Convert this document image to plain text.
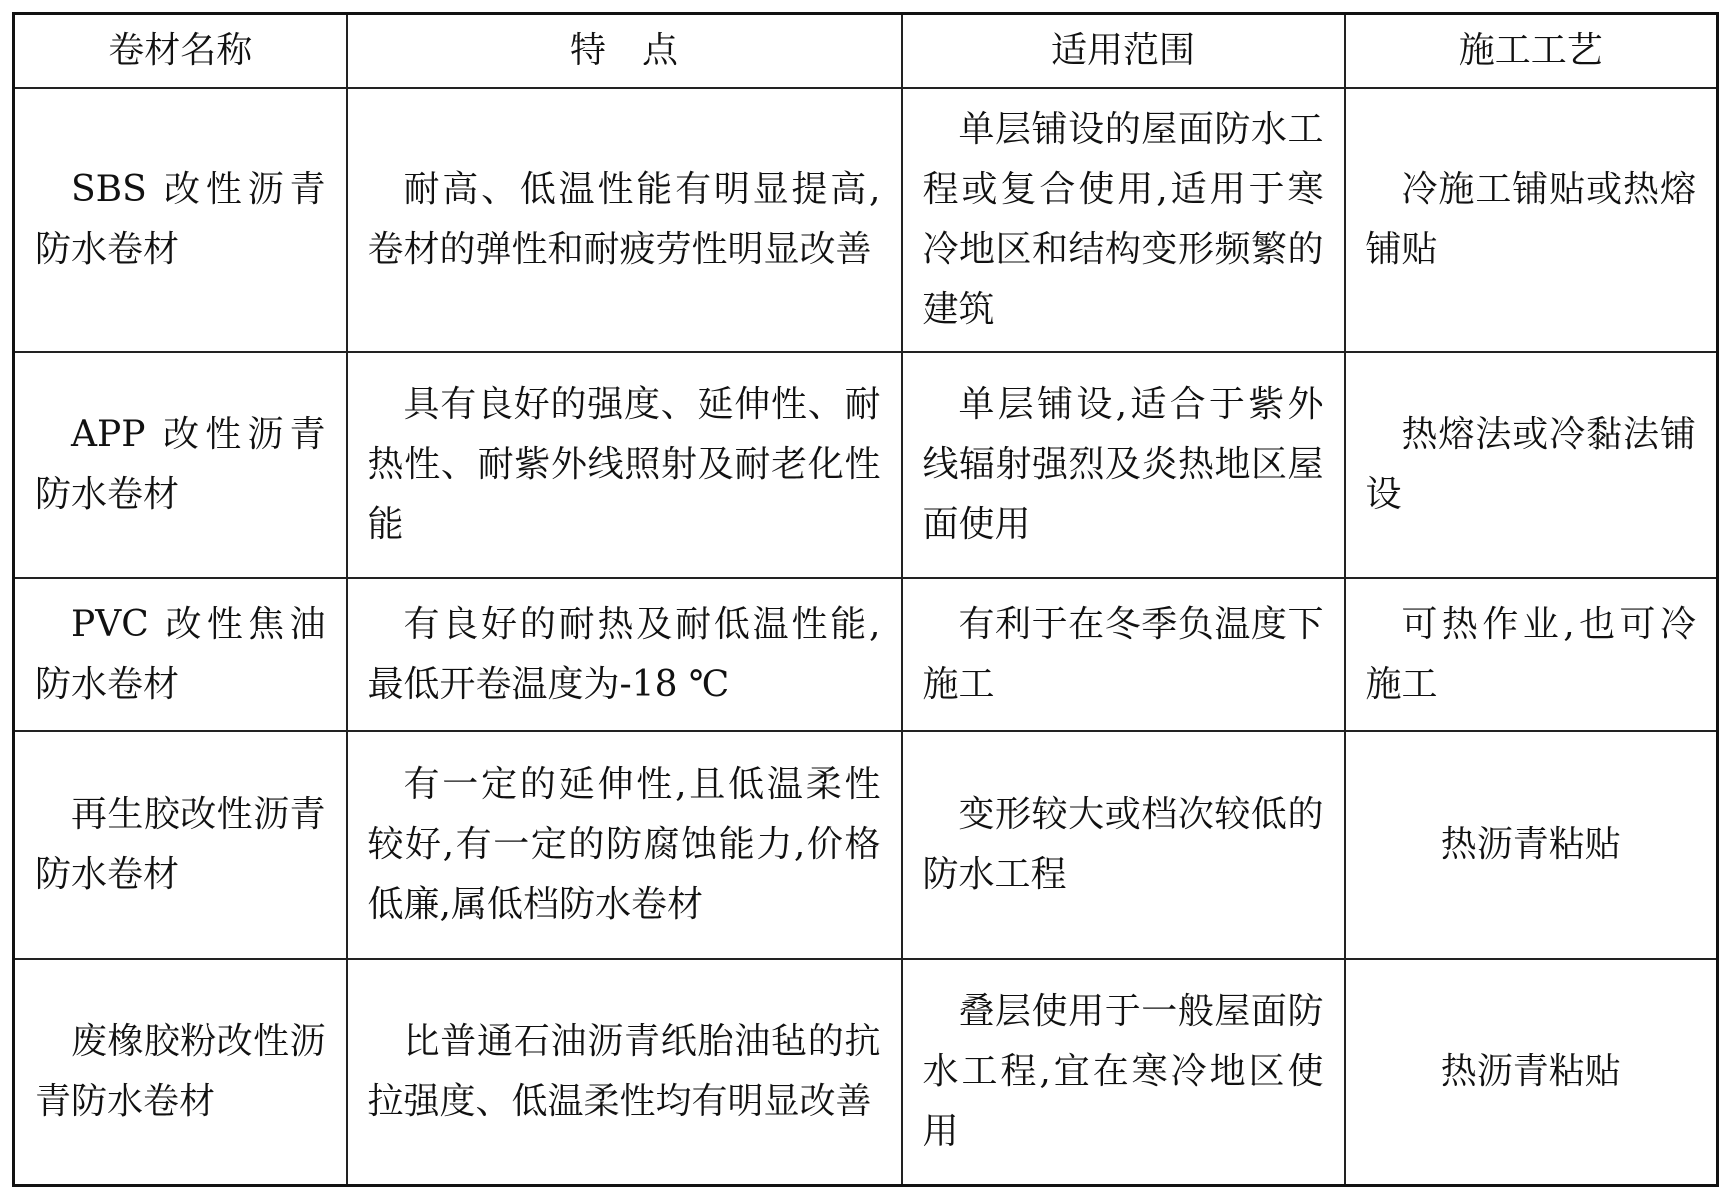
卷材名称	特　点	适用范围	施工工艺
SBS 改性沥青防水卷材	耐高、低温性能有明显提高,卷材的弹性和耐疲劳性明显改善	单层铺设的屋面防水工程或复合使用,适用于寒冷地区和结构变形频繁的建筑	冷施工铺贴或热熔铺贴
APP 改性沥青防水卷材	具有良好的强度、延伸性、耐热性、耐紫外线照射及耐老化性能	单层铺设,适合于紫外线辐射强烈及炎热地区屋面使用	热熔法或冷黏法铺设
PVC 改性焦油防水卷材	有良好的耐热及耐低温性能,最低开卷温度为-18 ℃	有利于在冬季负温度下施工	可热作业,也可冷施工
再生胶改性沥青防水卷材	有一定的延伸性,且低温柔性较好,有一定的防腐蚀能力,价格低廉,属低档防水卷材	变形较大或档次较低的防水工程	热沥青粘贴
废橡胶粉改性沥青防水卷材	比普通石油沥青纸胎油毡的抗拉强度、低温柔性均有明显改善	叠层使用于一般屋面防水工程,宜在寒冷地区使用	热沥青粘贴
